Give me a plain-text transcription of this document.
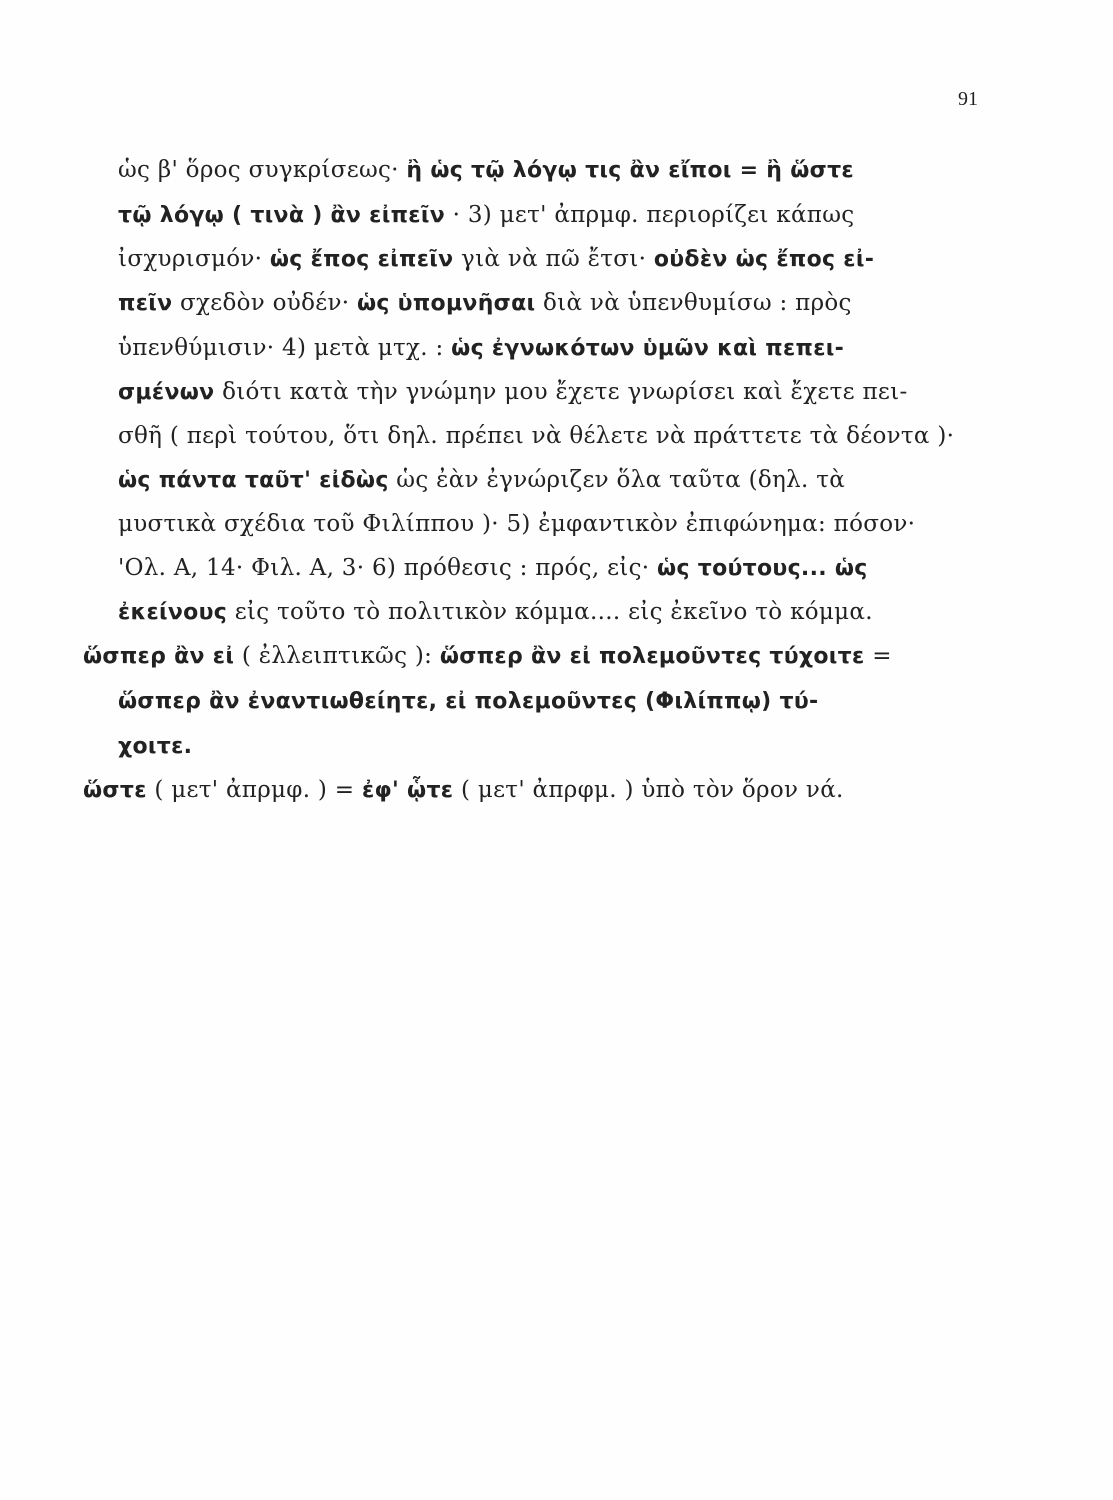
91
ὡς β' ὅρος συγκρίσεως· ἢ ὡς τῷ λόγῳ τις ἂν εἴποι = ἢ ὥστε
τῷ λόγῳ ( τινὰ ) ἂν εἰπεῖν · 3) μετ' ἀπρμφ. περιορίζει κάπως
ἰσχυρισμόν· ὡς ἔπος εἰπεῖν γιὰ νὰ πῶ ἔτσι· οὐδὲν ὡς ἔπος εἰ-
πεῖν σχεδὸν οὐδέν· ὡς ὑπομνῆσαι διὰ νὰ ὑπενθυμίσω : πρὸς
ὑπενθύμισιν· 4) μετὰ μτχ. : ὡς ἐγνωκότων ὑμῶν καὶ πεπει-
σμένων διότι κατὰ τὴν γνώμην μου ἔχετε γνωρίσει καὶ ἔχετε πει-
σθῆ ( περὶ τούτου, ὅτι δηλ. πρέπει νὰ θέλετε νὰ πράττετε τὰ δέοντα )·
ὡς πάντα ταῦτ' εἰδὼς ὡς ἐὰν ἐγνώριζεν ὅλα ταῦτα (δηλ. τὰ
μυστικὰ σχέδια τοῦ Φιλίππου )· 5) ἐμφαντικὸν ἐπιφώνημα: πόσον·
'Ολ. Α, 14· Φιλ. Α, 3· 6) πρόθεσις : πρός, εἰς· ὡς τούτους... ὡς
ἐκείνους εἰς τοῦτο τὸ πολιτικὸν κόμμα.... εἰς ἐκεῖνο τὸ κόμμα.
ὥσπερ ἂν εἰ ( ἐλλειπτικῶς ): ὥσπερ ἂν εἰ πολεμοῦντες τύχοιτε =
ὥσπερ ἂν ἐναντιωθείητε, εἰ πολεμοῦντες (Φιλίππῳ) τύ-
χοιτε.
ὥστε ( μετ' ἀπρμφ. ) = ἐφ' ᾧτε ( μετ' ἀπρφμ. ) ὑπὸ τὸν ὅρον νά.
